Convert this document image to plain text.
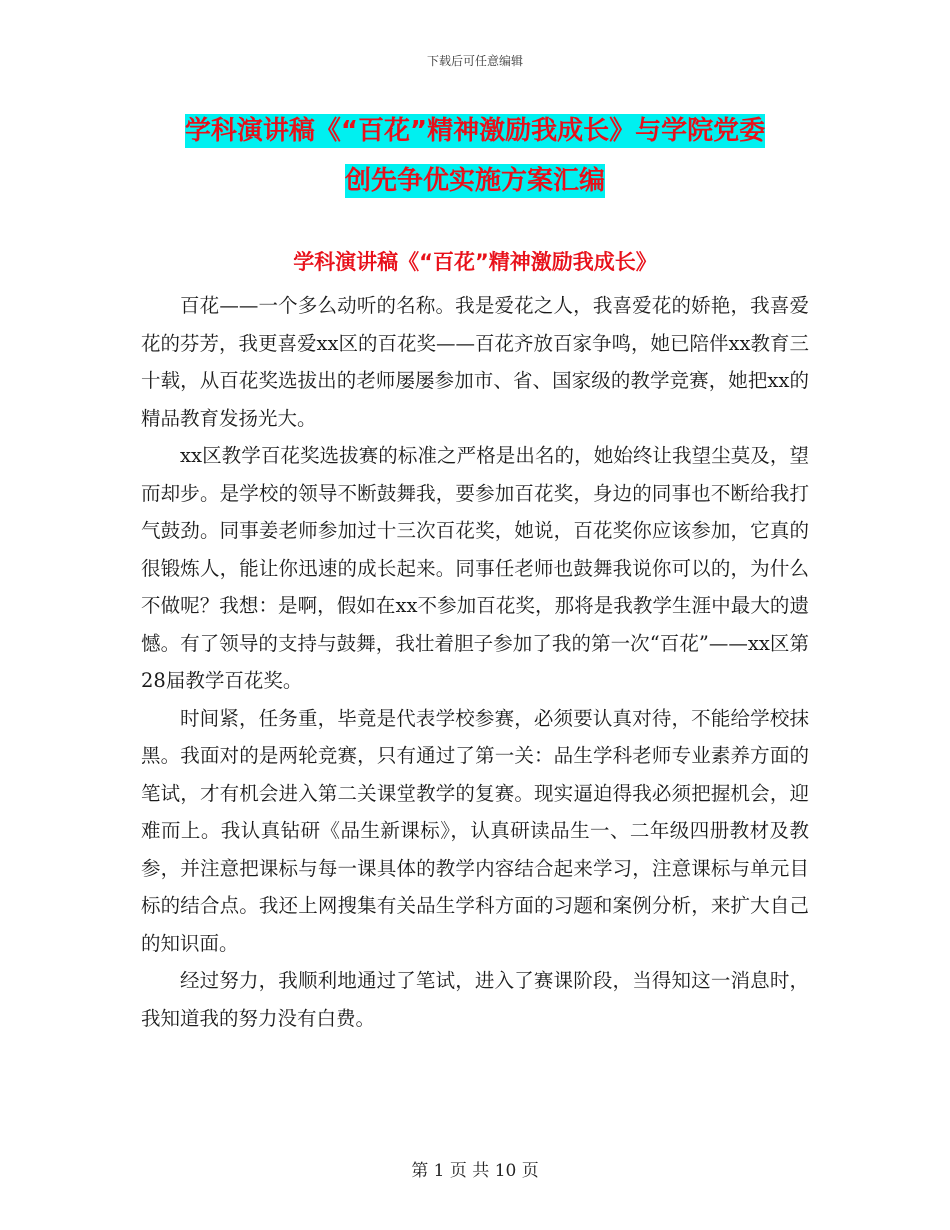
下载后可任意编辑
学科演讲稿《“百花”精神激励我成长》与学院党委
创先争优实施方案汇编
学科演讲稿《“百花”精神激励我成长》

百花——一个多么动听的名称。我是爱花之人，我喜爱花的娇艳，我喜爱花的芬芳，我更喜爱xx区的百花奖——百花齐放百家争鸣，她已陪伴xx教育三十载，从百花奖选拔出的老师屡屡参加市、省、国家级的教学竞赛，她把xx的精品教育发扬光大。

xx区教学百花奖选拔赛的标准之严格是出名的，她始终让我望尘莫及，望而却步。是学校的领导不断鼓舞我，要参加百花奖，身边的同事也不断给我打气鼓劲。同事姜老师参加过十三次百花奖，她说，百花奖你应该参加，它真的很锻炼人，能让你迅速的成长起来。同事任老师也鼓舞我说你可以的，为什么不做呢？我想：是啊，假如在xx不参加百花奖，那将是我教学生涯中最大的遗憾。有了领导的支持与鼓舞，我壮着胆子参加了我的第一次“百花”——xx区第28届教学百花奖。

时间紧，任务重，毕竟是代表学校参赛，必须要认真对待，不能给学校抹黑。我面对的是两轮竞赛，只有通过了第一关：品生学科老师专业素养方面的笔试，才有机会进入第二关课堂教学的复赛。现实逼迫得我必须把握机会，迎难而上。我认真钻研《品生新课标》，认真研读品生一、二年级四册教材及教参，并注意把课标与每一课具体的教学内容结合起来学习，注意课标与单元目标的结合点。我还上网搜集有关品生学科方面的习题和案例分析，来扩大自己的知识面。

经过努力，我顺利地通过了笔试，进入了赛课阶段，当得知这一消息时，我知道我的努力没有白费。

第 1 页 共 10 页
